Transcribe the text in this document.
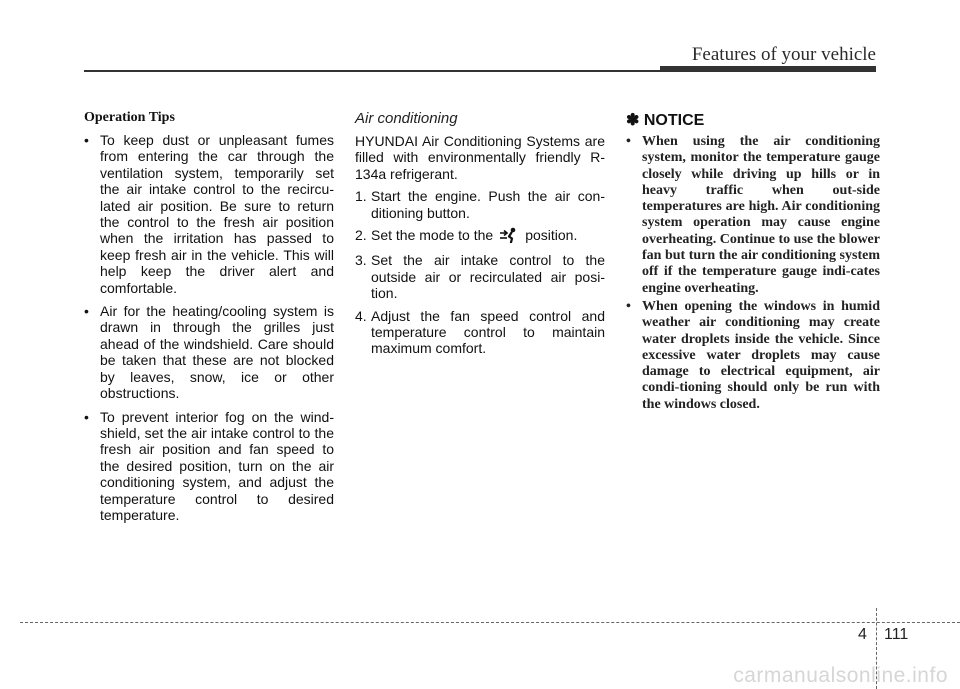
Features of your vehicle
Operation Tips
• To keep dust or unpleasant fumes from entering the car through the ventilation system, temporarily set the air intake control to the recircu-lated air position. Be sure to return the control to the fresh air position when the irritation has passed to keep fresh air in the vehicle. This will help keep the driver alert and comfortable.
• Air for the heating/cooling system is drawn in through the grilles just ahead of the windshield. Care should be taken that these are not blocked by leaves, snow, ice or other obstructions.
• To prevent interior fog on the wind-shield, set the air intake control to the fresh air position and fan speed to the desired position, turn on the air conditioning system, and adjust the temperature control to desired temperature.
Air conditioning
HYUNDAI Air Conditioning Systems are filled with environmentally friendly R-134a refrigerant.
1. Start the engine. Push the air con-ditioning button.
2. Set the mode to the position.
3. Set the air intake control to the outside air or recirculated air posi-tion.
4. Adjust the fan speed control and temperature control to maintain maximum comfort.
✽ NOTICE
• When using the air conditioning system, monitor the temperature gauge closely while driving up hills or in heavy traffic when out-side temperatures are high. Air conditioning system operation may cause engine overheating. Continue to use the blower fan but turn the air conditioning system off if the temperature gauge indi-cates engine overheating.
• When opening the windows in humid weather air conditioning may create water droplets inside the vehicle. Since excessive water droplets may cause damage to electrical equipment, air condi-tioning should only be run with the windows closed.
4 111
carmanualsonline.info
